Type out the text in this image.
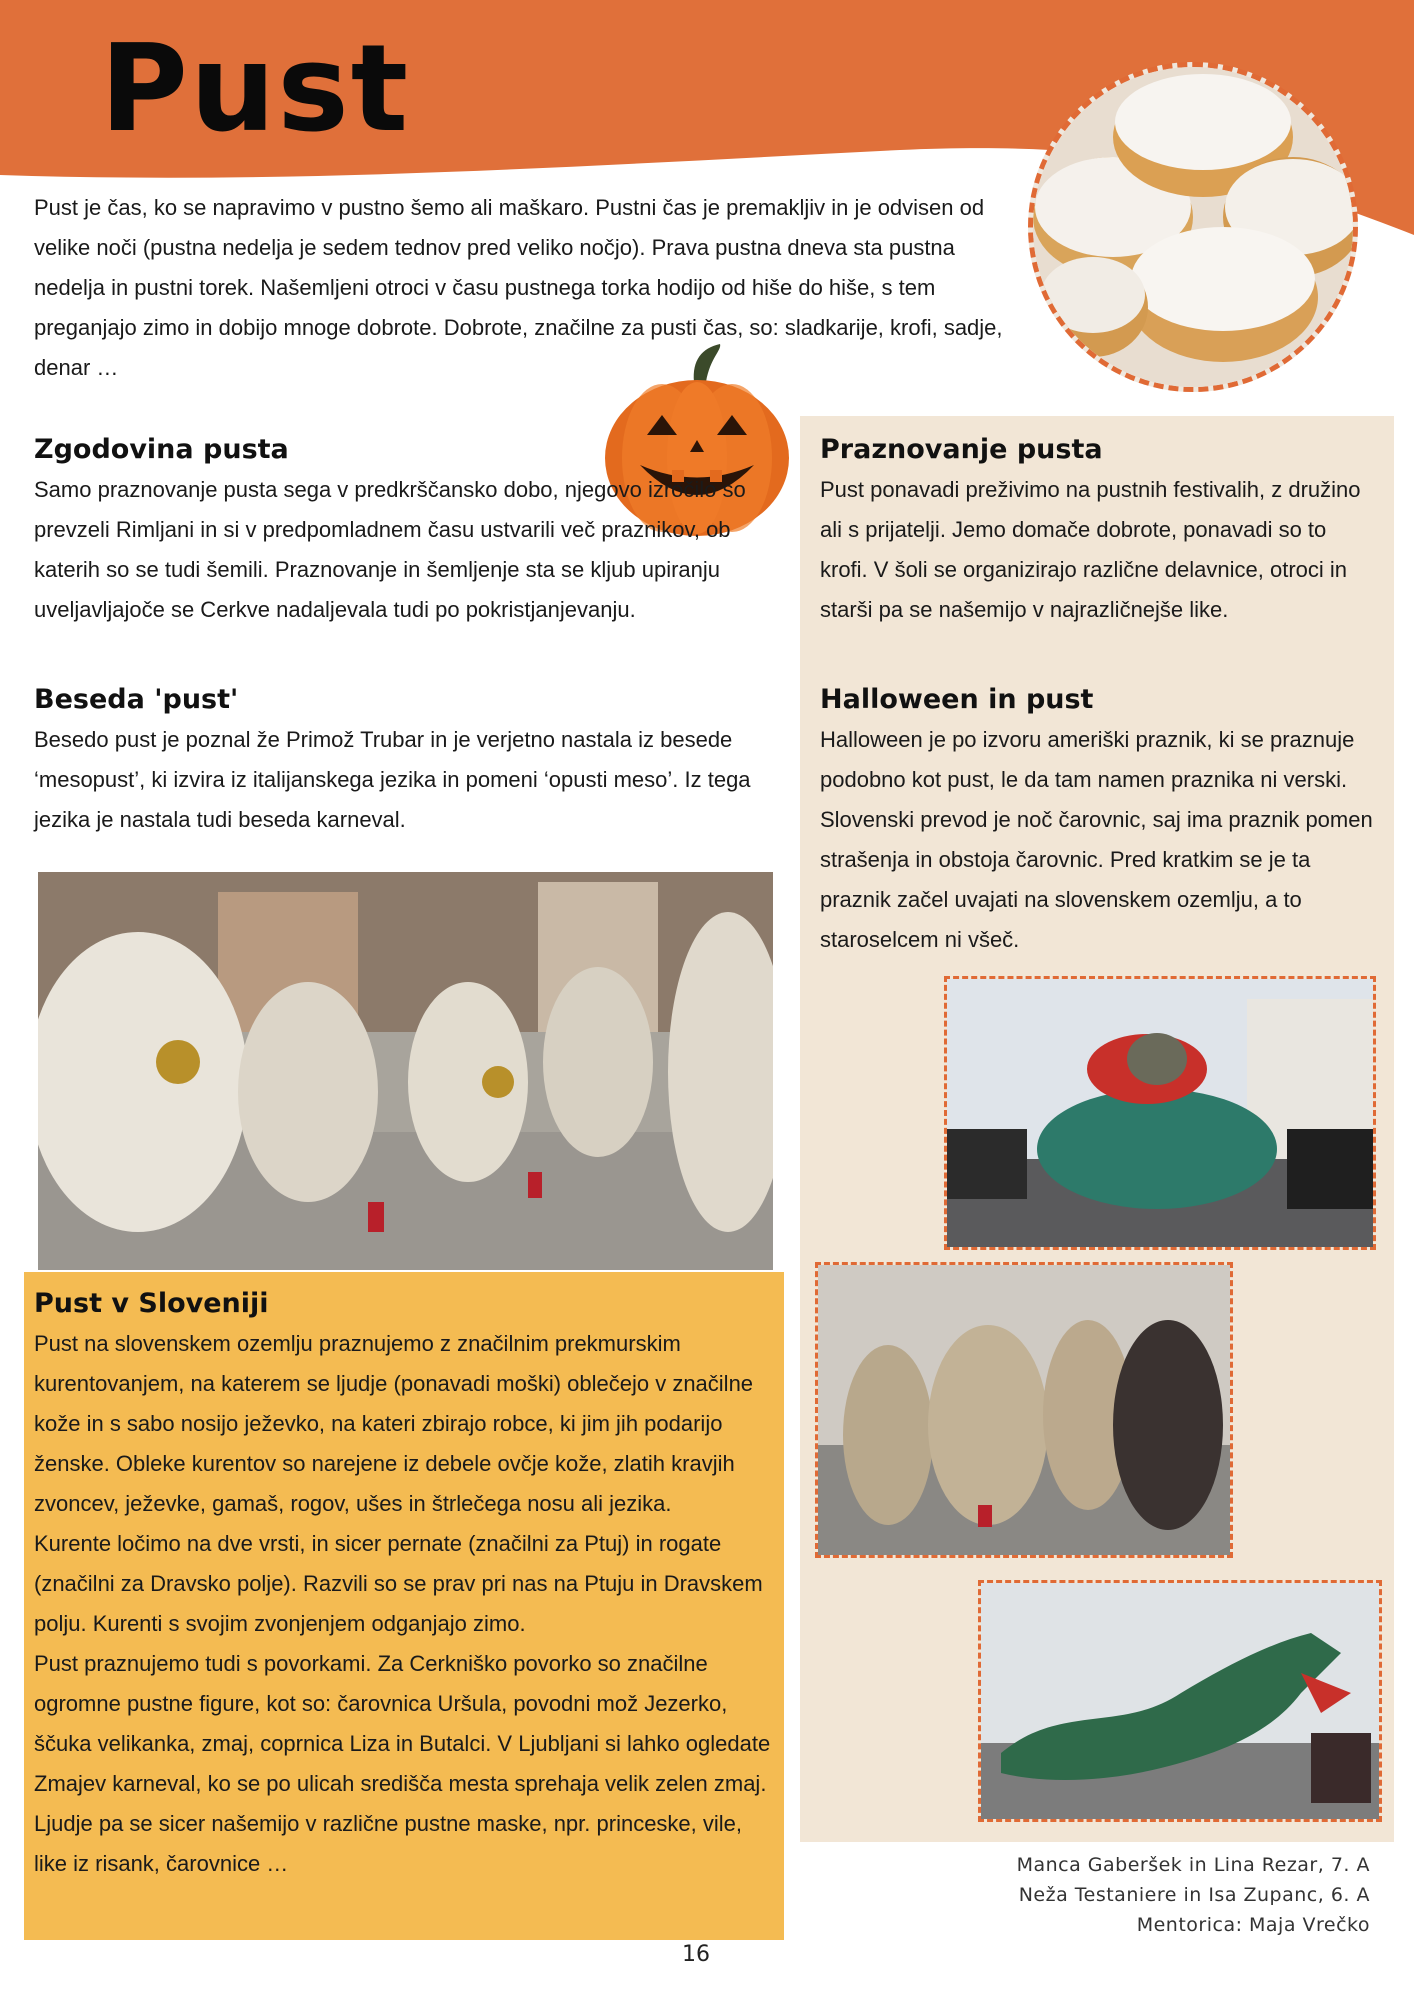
Pust
Pust je čas, ko se napravimo v pustno šemo ali maškaro. Pustni čas je premakljiv in je odvisen od velike noči (pustna nedelja je sedem tednov pred veliko nočjo). Prava pustna dneva sta pustna nedelja in pustni torek. Našemljeni otroci v času pustnega torka hodijo od hiše do hiše, s tem preganjajo zimo in dobijo mnoge dobrote. Dobrote, značilne za pusti čas, so: sladkarije, krofi, sadje, denar …
Zgodovina pusta
Samo praznovanje pusta sega v predkrščansko dobo, njegovo izročilo so prevzeli Rimljani in si v predpomladnem času ustvarili več praznikov, ob katerih so se tudi šemili. Praznovanje in šemljenje sta se kljub upiranju uveljavljajoče se Cerkve nadaljevala tudi po pokristjanjevanju.
Beseda 'pust'
Besedo pust je poznal že Primož Trubar in je verjetno nastala iz besede ‘mesopust’, ki izvira iz italijanskega jezika in pomeni ‘opusti meso’. Iz tega jezika je nastala tudi beseda karneval.
Praznovanje pusta
Pust ponavadi preživimo na pustnih festivalih, z družino ali s prijatelji. Jemo domače dobrote, ponavadi so to krofi. V šoli se organizirajo različne delavnice, otroci in starši pa se našemijo v najrazličnejše like.
Halloween in pust
Halloween je po izvoru ameriški praznik, ki se praznuje podobno kot pust, le da tam namen praznika ni verski. Slovenski prevod je noč čarovnic, saj ima praznik pomen strašenja in obstoja čarovnic. Pred kratkim se je ta praznik začel uvajati na slovenskem ozemlju, a to staroselcem ni všeč.
Pust v Sloveniji
Pust na slovenskem ozemlju praznujemo z značilnim prekmurskim kurentovanjem, na katerem se ljudje (ponavadi moški) oblečejo v značilne kože in s sabo nosijo ježevko, na kateri zbirajo robce, ki jim jih podarijo ženske. Obleke kurentov so narejene iz debele ovčje kože, zlatih kravjih zvoncev, ježevke, gamaš, rogov, ušes in štrlečega nosu ali jezika.
Kurente ločimo na dve vrsti, in sicer pernate (značilni za Ptuj) in rogate (značilni za Dravsko polje). Razvili so se prav pri nas na Ptuju in Dravskem polju. Kurenti s svojim zvonjenjem odganjajo zimo.
Pust praznujemo tudi s povorkami. Za Cerkniško povorko so značilne ogromne pustne figure, kot so: čarovnica Uršula, povodni mož Jezerko, ščuka velikanka, zmaj, coprnica Liza in Butalci. V Ljubljani si lahko ogledate Zmajev karneval, ko se po ulicah središča mesta sprehaja velik zelen zmaj.
Ljudje pa se sicer našemijo v različne pustne maske, npr. princeske, vile, like iz risank, čarovnice …	Manca Gaberšek in Lina Rezar, 7. A
Neža Testaniere in Isa Zupanc, 6. A
Mentorica: Maja Vrečko
16
